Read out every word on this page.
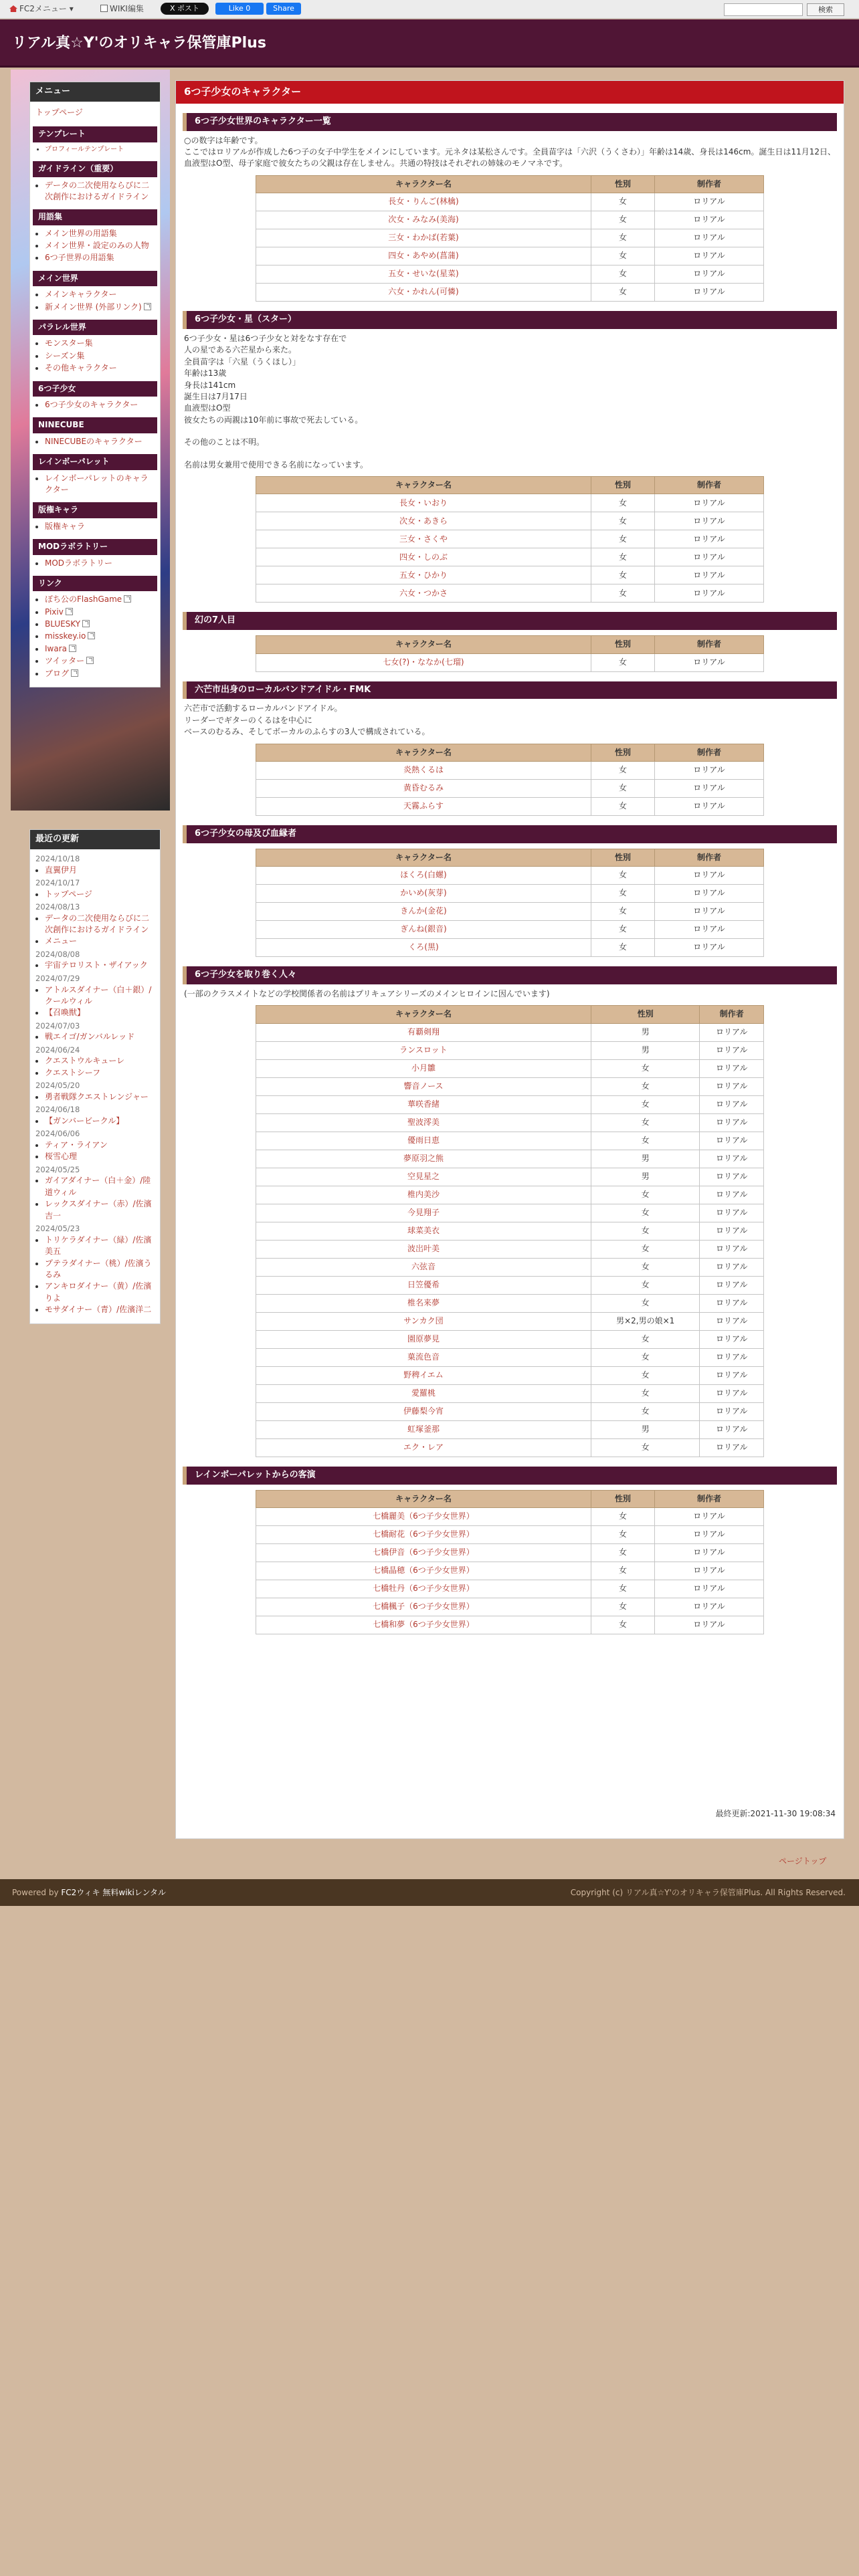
FC2メニュー ▾	WIKI編集	X ポスト	Like 0	Share	検索
リアル真☆Y'のオリキャラ保管庫Plus
メニュー
トップページ
テンプレート
• プロフィールテンプレート
ガイドライン（重要）
• データの二次使用ならびに二次創作におけるガイドライン
用語集
• メイン世界の用語集
• メイン世界・設定のみの人物
• 6つ子世界の用語集
メイン世界
• メインキャラクター
• 新メイン世界 (外部リンク)
パラレル世界
• モンスター集
• シーズン集
• その他キャラクター
6つ子少女
• 6つ子少女のキャラクター
NINECUBE
• NINECUBEのキャラクター
レインボーパレット
• レインボーパレットのキャラクター
版権キャラ
• 版権キャラ
MODラボラトリー
• MODラボラトリー
リンク
• ぼち公のFlashGame
• Pixiv
• BLUESKY
• misskey.io
• Iwara
• ツイッター
• ブログ
最近の更新
2024/10/18
• 直翼伊月
2024/10/17
• トップページ
2024/08/13
• データの二次使用ならびに二次創作におけるガイドライン
• メニュー
2024/08/08
• 宇宙テロリスト・ザイアック
2024/07/29
• アトルスダイナー（白＋銀）/クールウィル
• 【召喚獣】
2024/07/03
• 戦エイゴ/ガンバルレッド
2024/06/24
• クエストウルキューレ
• クエストシーフ
2024/05/20
• 勇者戦隊クエストレンジャー
2024/06/18
• 【ガンバービークル】
2024/06/06
• ティア・ライアン
• 桜雪心理
2024/05/25
• ガイアダイナー（白＋金）/陸道ウィル
• レックスダイナー（赤）/佐濱吉一
2024/05/23
• トリケラダイナー（緑）/佐濱美五
• プテラダイナー（桃）/佐濱うるみ
• アンキロダイナー（黄）/佐濱りよ
• モサダイナー（青）/佐濱洋二
6つ子少女のキャラクター
6つ子少女世界のキャラクター一覧
○の数字は年齢です。
ここではロリアルが作成した6つ子の女子中学生をメインにしています。元ネタは某松さんです。全員苗字は「六沢（うくさわ）」年齢は14歳、身長は146cm。誕生日は11月12日、血液型はO型、母子家庭で彼女たちの父親は存在しません。共通の特技はそれぞれの姉妹のモノマネです。
キャラクター名	性別	制作者
長女・りんご(林檎)	女	ロリアル
次女・みなみ(美海)	女	ロリアル
三女・わかば(若葉)	女	ロリアル
四女・あやめ(菖蒲)	女	ロリアル
五女・せいな(星菜)	女	ロリアル
六女・かれん(可憐)	女	ロリアル
6つ子少女・星（スター）
6つ子少女・星は6つ子少女と対をなす存在で
人の星である六芒星から来た。
全員苗字は「六星（うくほし）」
年齢は13歳
身長は141cm
誕生日は7月17日
血液型はO型
彼女たちの両親は10年前に事故で死去している。
その他のことは不明。
名前は男女兼用で使用できる名前になっています。
キャラクター名	性別	制作者
長女・いおり	女	ロリアル
次女・あきら	女	ロリアル
三女・さくや	女	ロリアル
四女・しのぶ	女	ロリアル
五女・ひかり	女	ロリアル
六女・つかさ	女	ロリアル
幻の7人目
キャラクター名	性別	制作者
七女(?)・ななか(七瑠)	女	ロリアル
六芒市出身のローカルバンドアイドル・FMK
六芒市で活動するローカルバンドアイドル。
リーダーでギターのくるはを中心に
ベースのむるみ、そしてボーカルのふらすの3人で構成されている。
キャラクター名	性別	制作者
炎熱くるは	女	ロリアル
黄昏むるみ	女	ロリアル
天霧ふらす	女	ロリアル
6つ子少女の母及び血縁者
キャラクター名	性別	制作者
ほくろ(白螺)	女	ロリアル
かいめ(灰芽)	女	ロリアル
きんか(金花)	女	ロリアル
ぎんね(銀音)	女	ロリアル
くろ(黒)	女	ロリアル
6つ子少女を取り巻く人々
(一部のクラスメイトなどの学校関係者の名前はプリキュアシリーズのメインヒロインに因んでいます)
キャラクター名	性別	制作者
有覇剣翔	男	ロリアル
ランスロット	男	ロリアル
小月雛	女	ロリアル
響音ノース	女	ロリアル
華咲香緒	女	ロリアル
聖波澪美	女	ロリアル
優雨日恵	女	ロリアル
夢原羽之熊	男	ロリアル
空見星之	男	ロリアル
椎内美沙	女	ロリアル
今見翔子	女	ロリアル
球菜美衣	女	ロリアル
波岀叶美	女	ロリアル
六弦音	女	ロリアル
日笠優希	女	ロリアル
椎名来夢	女	ロリアル
サンカク団	男×2,男の娘×1	ロリアル
園原夢見	女	ロリアル
菓流色音	女	ロリアル
野稗イエム	女	ロリアル
愛羅桃	女	ロリアル
伊藤梨今宵	女	ロリアル
虹塚釜那	男	ロリアル
エク・レア	女	ロリアル
レインボーパレットからの客演
キャラクター名	性別	制作者
七橋麗美（6つ子少女世界）	女	ロリアル
七橋耐花（6つ子少女世界）	女	ロリアル
七橋伊音（6つ子少女世界）	女	ロリアル
七橋晶穂（6つ子少女世界）	女	ロリアル
七橋牡丹（6つ子少女世界）	女	ロリアル
七橋楓子（6つ子少女世界）	女	ロリアル
七橋和夢（6つ子少女世界）	女	ロリアル
最終更新:2021-11-30 19:08:34
ページトップ
Powered by FC2ウィキ 無料wikiレンタル	Copyright (c) リアル真☆Y'のオリキャラ保管庫Plus. All Rights Reserved.
